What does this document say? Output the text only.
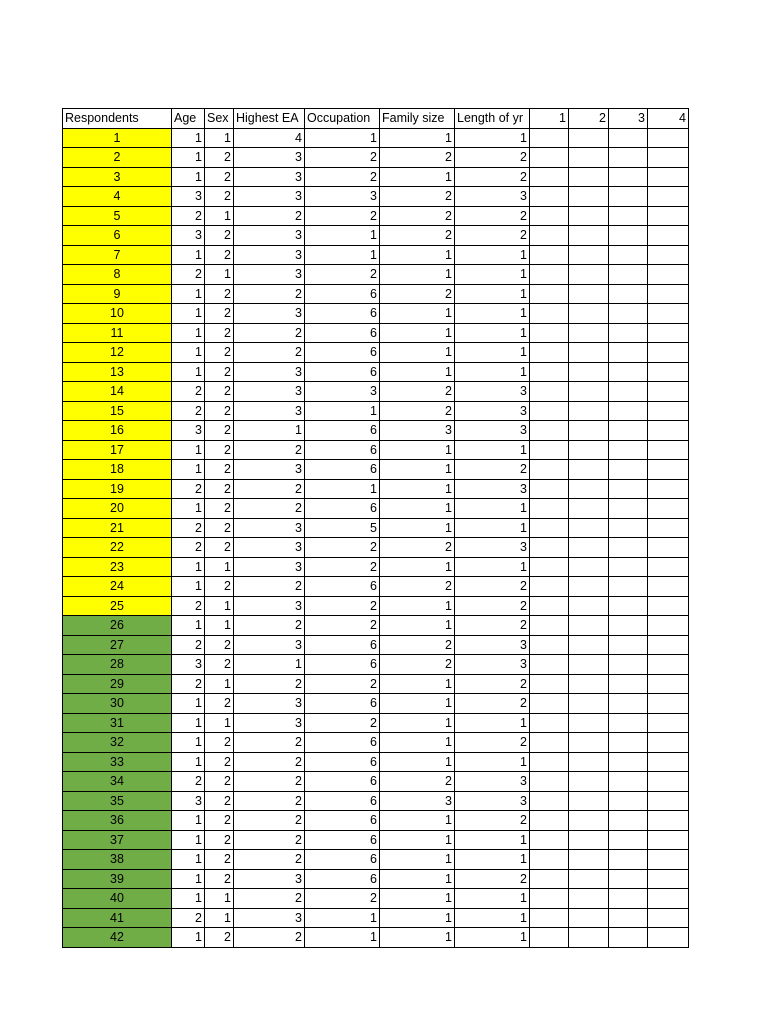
Respondents	Age	Sex	Highest EA	Occupation	Family size	Length of yr	1	2	3	4
1	1	1	4	1	1	1				
2	1	2	3	2	2	2				
3	1	2	3	2	1	2				
4	3	2	3	3	2	3				
5	2	1	2	2	2	2				
6	3	2	3	1	2	2				
7	1	2	3	1	1	1				
8	2	1	3	2	1	1				
9	1	2	2	6	2	1				
10	1	2	3	6	1	1				
11	1	2	2	6	1	1				
12	1	2	2	6	1	1				
13	1	2	3	6	1	1				
14	2	2	3	3	2	3				
15	2	2	3	1	2	3				
16	3	2	1	6	3	3				
17	1	2	2	6	1	1				
18	1	2	3	6	1	2				
19	2	2	2	1	1	3				
20	1	2	2	6	1	1				
21	2	2	3	5	1	1				
22	2	2	3	2	2	3				
23	1	1	3	2	1	1				
24	1	2	2	6	2	2				
25	2	1	3	2	1	2				
26	1	1	2	2	1	2				
27	2	2	3	6	2	3				
28	3	2	1	6	2	3				
29	2	1	2	2	1	2				
30	1	2	3	6	1	2				
31	1	1	3	2	1	1				
32	1	2	2	6	1	2				
33	1	2	2	6	1	1				
34	2	2	2	6	2	3				
35	3	2	2	6	3	3				
36	1	2	2	6	1	2				
37	1	2	2	6	1	1				
38	1	2	2	6	1	1				
39	1	2	3	6	1	2				
40	1	1	2	2	1	1				
41	2	1	3	1	1	1				
42	1	2	2	1	1	1				
